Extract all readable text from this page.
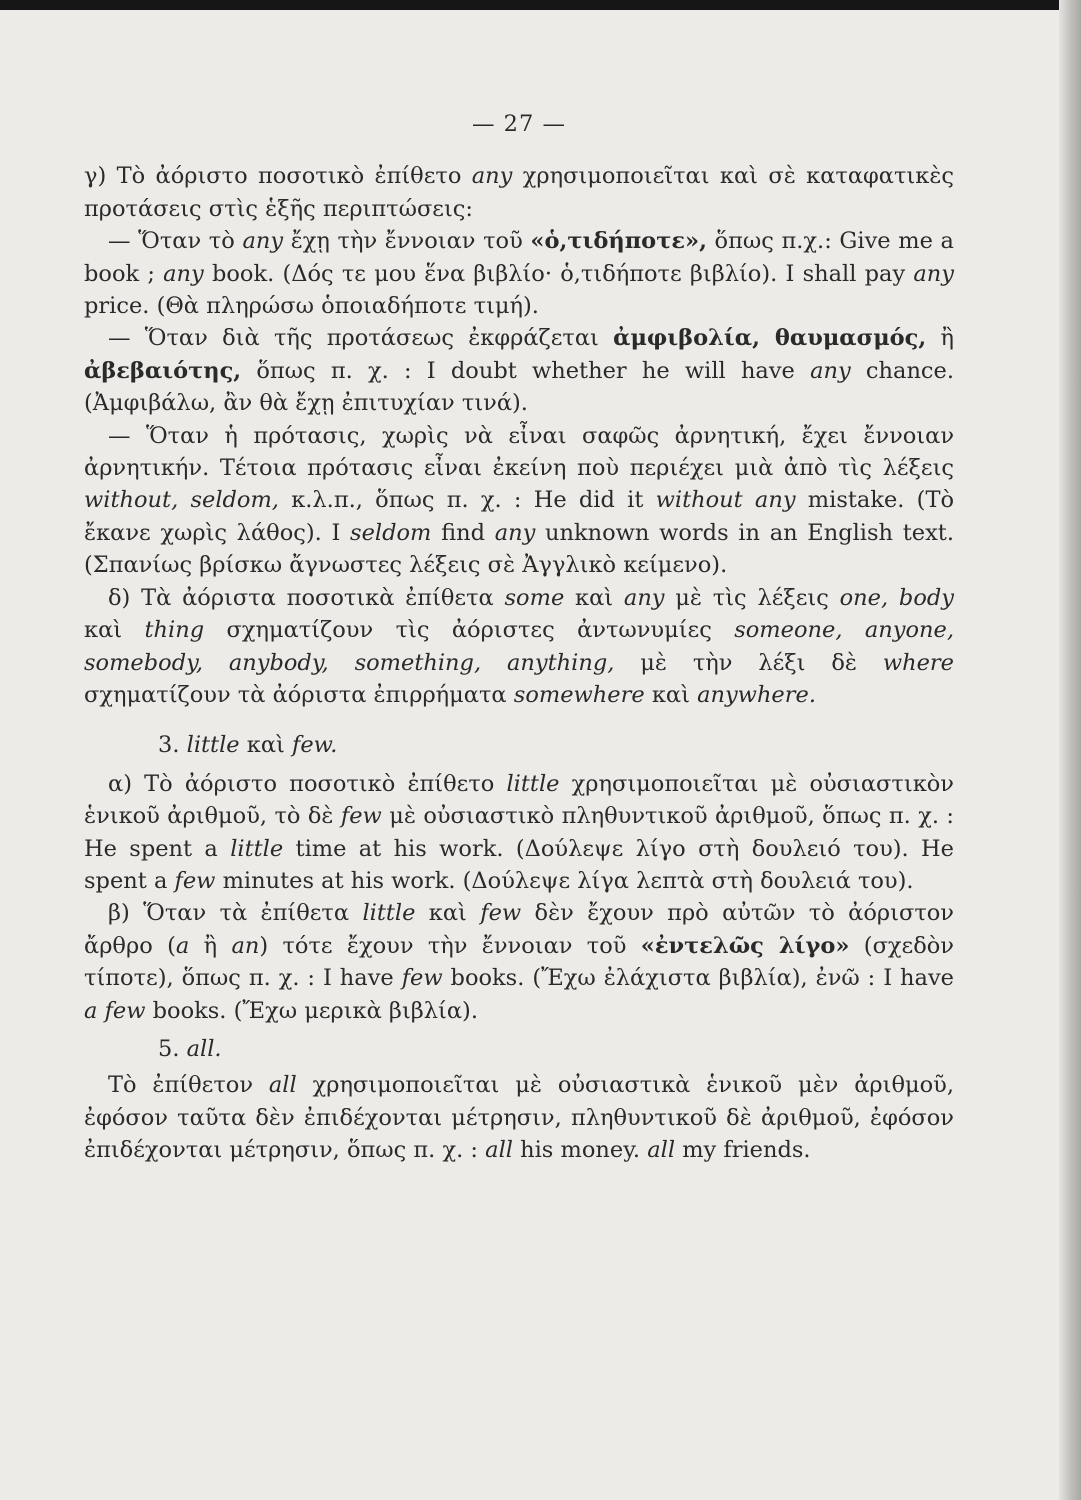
— 27 —

γ) Τὸ ἀόριστο ποσοτικὸ ἐπίθετο any χρησιμοποιεῖται καὶ σὲ καταφατικὲς προτάσεις στὶς ἑξῆς περιπτώσεις:

— Ὅταν τὸ any ἔχῃ τὴν ἔννοιαν τοῦ «ὁ,τιδήποτε», ὅπως π.χ.: Give me a book ; any book. (Δός τε μου ἕνα βιβλίο· ὁ,τιδήποτε βιβλίο). I shall pay any price. (Θὰ πληρώσω ὁποιαδήποτε τιμή).

— Ὅταν διὰ τῆς προτάσεως ἐκφράζεται ἀμφιβολία, θαυμασμός, ἢ ἀβεβαιότης, ὅπως π. χ. : I doubt whether he will have any chance. (Ἀμφιβάλω, ἂν θὰ ἔχῃ ἐπιτυχίαν τινά).

— Ὅταν ἡ πρότασις, χωρὶς νὰ εἶναι σαφῶς ἀρνητική, ἔχει ἔννοιαν ἀρνητικήν. Τέτοια πρότασις εἶναι ἐκείνη ποὺ περιέχει μιὰ ἀπὸ τὶς λέξεις without, seldom, κ.λ.π., ὅπως π. χ. : He did it without any mistake. (Τὸ ἔκανε χωρὶς λάθος). I seldom find any unknown words in an English text. (Σπανίως βρίσκω ἄγνωστες λέξεις σὲ Ἀγγλικὸ κείμενο).

δ) Τὰ ἀόριστα ποσοτικὰ ἐπίθετα some καὶ any μὲ τὶς λέξεις one, body καὶ thing σχηματίζουν τὶς ἀόριστες ἀντωνυμίες someone, anyone, somebody, anybody, something, anything, μὲ τὴν λέξι δὲ where σχηματίζουν τὰ ἀόριστα ἐπιρρήματα somewhere καὶ anywhere.

3. little καὶ few.

α) Τὸ ἀόριστο ποσοτικὸ ἐπίθετο little χρησιμοποιεῖται μὲ οὐσιαστικὸν ἑνικοῦ ἀριθμοῦ, τὸ δὲ few μὲ οὐσιαστικὸ πληθυντικοῦ ἀριθμοῦ, ὅπως π. χ. : He spent a little time at his work. (Δούλεψε λίγο στὴ δουλειό του). He spent a few minutes at his work. (Δούλεψε λίγα λεπτὰ στὴ δουλειά του).

β) Ὅταν τὰ ἐπίθετα little καὶ few δὲν ἔχουν πρὸ αὐτῶν τὸ ἀόριστον ἄρθρο (a ἢ an) τότε ἔχουν τὴν ἔννοιαν τοῦ «ἐντελῶς λίγο» (σχεδὸν τίποτε), ὅπως π. χ. : I have few books. (Ἔχω ἐλάχιστα βιβλία), ἐνῶ : I have a few books. (Ἔχω μερικὰ βιβλία).

5. all.

Τὸ ἐπίθετον all χρησιμοποιεῖται μὲ οὐσιαστικὰ ἑνικοῦ μὲν ἀριθμοῦ, ἐφόσον ταῦτα δὲν ἐπιδέχονται μέτρησιν, πληθυντικοῦ δὲ ἀριθμοῦ, ἐφόσον ἐπιδέχονται μέτρησιν, ὅπως π. χ. : all his money. all my friends.
